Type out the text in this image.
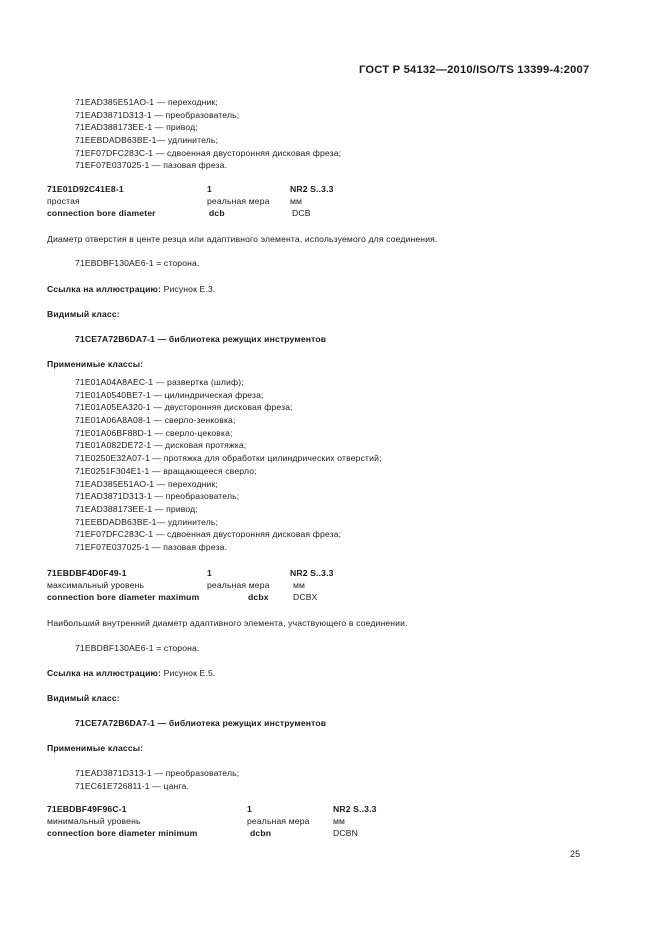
ГОСТ Р 54132—2010/ISO/TS 13399-4:2007
71EAD385E51AO-1 — переходник;
71EAD3871D313-1 — преобразователь;
71EAD388173EE-1 — привод;
71EEBDADB63BE-1— удлинитель;
71EF07DFC283C-1 — сдвоенная двусторонняя дисковая фреза;
71EF07E037025-1 — пазовая фреза.
71E01D92C41E8-1	1	NR2 S..3.3
простая	реальная мера мм
connection bore diameter	dcb	DCB
Диаметр отверстия в центе резца или адаптивного элемента, используемого для соединения.
71EBDBF130AE6-1 = сторона.
Ссылка на иллюстрацию: Рисунок Е.3.
Видимый класс:
71CE7A72B6DA7-1 — библиотека режущих инструментов
Применимые классы:
71E01A04A8AEC-1 — развертка (шлиф);
71E01A0540BE7-1 — цилиндрическая фреза;
71E01A05EA320-1 — двусторонняя дисковая фреза;
71E01A06A8A08-1 — сверло-зенковка;
71E01A06BF88D-1 — сверло-цековка;
71E01A082DE72-1 — дисковая протяжка;
71E0250E32A07-1 — протяжка для обработки цилиндрических отверстий;
71E0251F304E1-1 — вращающееся сверло;
71EAD385E51AO-1 — переходник;
71EAD3871D313-1 — преобразователь;
71EAD388173EE-1 — привод;
71EEBDADB63BE-1— удлинитель;
71EF07DFC283C-1 — сдвоенная двусторонняя дисковая фреза;
71EF07E037025-1 — пазовая фреза.
71EBDBF4D0F49-1	1	NR2 S..3.3
максимальный уровень	реальная мера	мм
connection bore diameter maximum	dcbx	DCBX
Наибольший внутренний диаметр адаптивного элемента, участвующего в соединении.
71EBDBF130AE6-1 = сторона.
Ссылка на иллюстрацию: Рисунок Е.5.
Видимый класс:
71CE7A72B6DA7-1 — библиотека режущих инструментов
Применимые классы:
71EAD3871D313-1 — преобразователь;
71EC61E726811-1 — цанга.
71EBDBF49F96C-1	1	NR2 S..3.3
минимальный уровень	реальная мера	мм
connection bore diameter minimum	dcbn	DCBN
25
